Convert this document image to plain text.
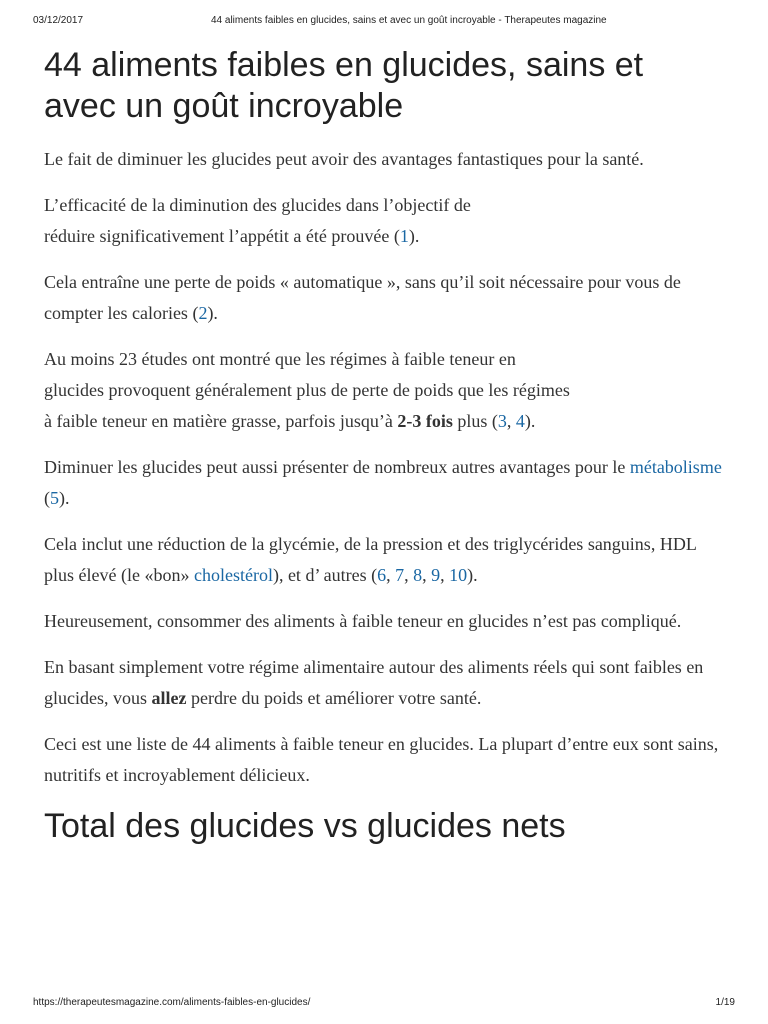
03/12/2017	44 aliments faibles en glucides, sains et avec un goût incroyable - Therapeutes magazine
44 aliments faibles en glucides, sains et avec un goût incroyable

Le fait de diminuer les glucides peut avoir des avantages fantastiques pour la santé.

L’efficacité de la diminution des glucides dans l’objectif de
réduire significativement l’appétit a été prouvée (1).

Cela entraîne une perte de poids « automatique », sans qu’il soit nécessaire pour vous de compter les calories (2).

Au moins 23 études ont montré que les régimes à faible teneur en
glucides provoquent généralement plus de perte de poids que les régimes
à faible teneur en matière grasse, parfois jusqu’à 2-3 fois plus (3, 4).

Diminuer les glucides peut aussi présenter de nombreux autres avantages pour le métabolisme (5).

Cela inclut une réduction de la glycémie, de la pression et des triglycérides sanguins, HDL plus élevé (le «bon» cholestérol), et d’ autres (6, 7, 8, 9, 10).

Heureusement, consommer des aliments à faible teneur en glucides n’est pas compliqué.

En basant simplement votre régime alimentaire autour des aliments réels qui sont faibles en glucides, vous allez perdre du poids et améliorer votre santé.

Ceci est une liste de 44 aliments à faible teneur en glucides. La plupart d’entre eux sont sains, nutritifs et incroyablement délicieux.

Total des glucides vs glucides nets
https://therapeutesmagazine.com/aliments-faibles-en-glucides/	1/19
